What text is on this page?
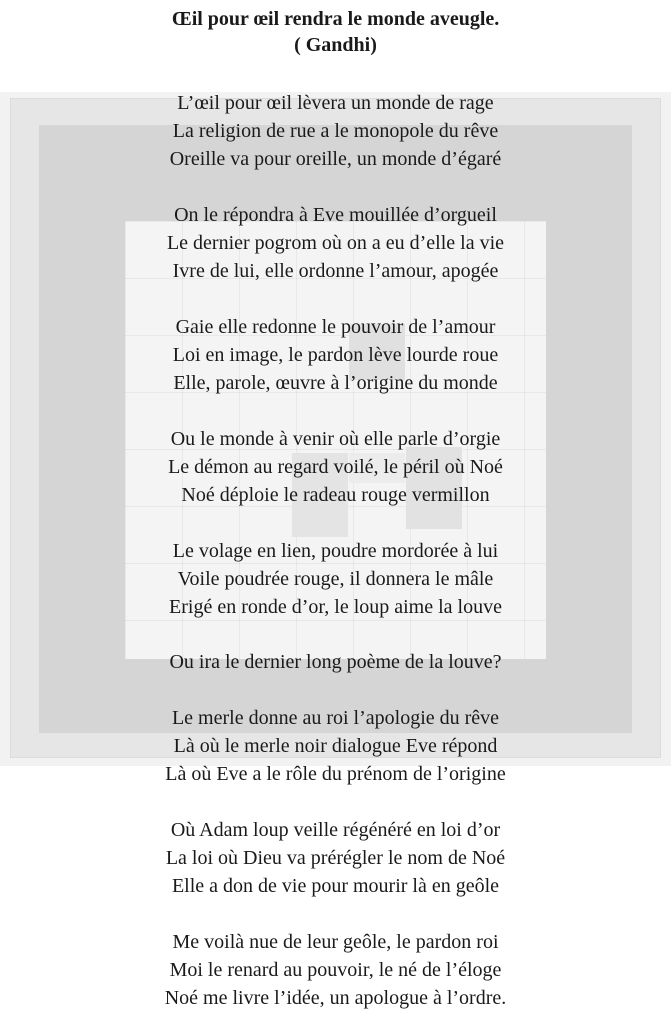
Œil pour œil rendra le monde aveugle.
( Gandhi)
L’œil pour œil lèvera un monde de rage
La religion de rue a le monopole du rêve
Oreille va pour oreille, un monde d’égaré
On le répondra à Eve mouillée d’orgueil
Le dernier pogrom où on a eu d’elle la vie
Ivre de lui, elle ordonne l’amour, apogée
Gaie elle redonne le pouvoir de l’amour
Loi en image, le pardon lève lourde roue
Elle, parole, œuvre à l’origine du monde
Ou le monde à venir où elle parle d’orgie
Le démon au regard voilé, le péril où Noé
Noé déploie le radeau rouge vermillon
Le volage en lien, poudre mordorée à lui
Voile poudrée rouge, il donnera le mâle
Erigé en ronde d’or, le loup aime la louve
Ou ira le dernier long poème de la louve?
Le merle donne au roi l’apologie du rêve
Là où le merle noir dialogue Eve répond
Là où Eve a le rôle du prénom de l’origine
Où Adam loup veille régénéré en loi d’or
La loi où Dieu va prérégler le nom de Noé
Elle a don de vie pour mourir là en geôle
Me voilà nue de leur geôle, le pardon roi
Moi le renard au pouvoir, le né de l’éloge
Noé me livre l’idée, un apologue à l’ordre.
